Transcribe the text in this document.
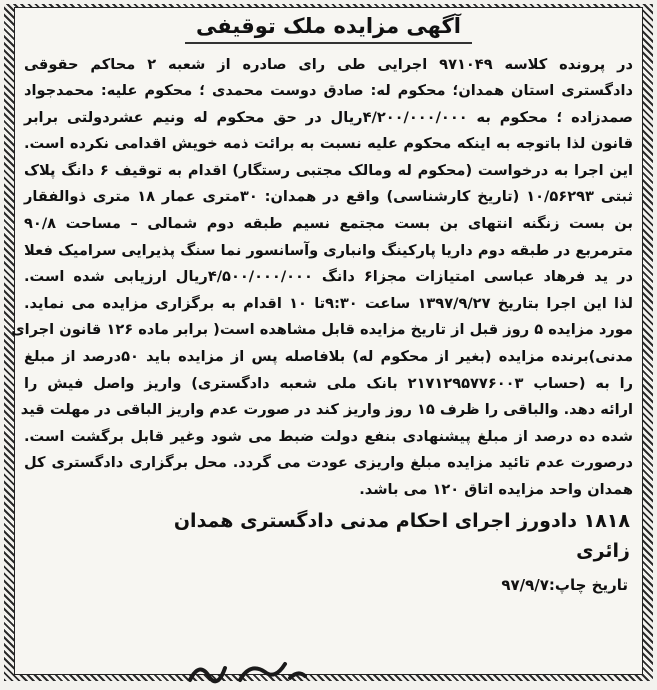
آگهی مزایده ملک توقیفی
در پرونده کلاسه ۹۷۱۰۴۹ اجرایی طی رای صادره از شعبه ۲ محاکم حقوقی
دادگستری استان همدان؛ محکوم له: صادق دوست محمدی ؛ محکوم علیه: محمدجواد
صمدزاده ؛ محکوم به ۴/۲۰۰/۰۰۰/۰۰۰ریال در حق محکوم له ونیم عشردولتی برابر
قانون لذا باتوجه به اینکه محکوم علیه نسبت به برائت ذمه خویش اقدامی نکرده است.
این اجرا به درخواست (محکوم له ومالک مجتبی رستگار) اقدام به توقیف ۶ دانگ پلاک
ثبتی ۱۰/۵۶۲۹۳ (تاریخ کارشناسی) واقع در همدان: ۳۰متری عمار ۱۸ متری ذوالفقار
بن بست زنگنه انتهای بن بست مجتمع نسیم طبقه دوم شمالی – مساحت ۹۰/۸
مترمربع در طبقه دوم داریا پارکینگ وانباری وآسانسور نما سنگ پذیرایی سرامیک فعلا
در ید فرهاد عباسی امتیازات مجزا۶ دانگ ۴/۵۰۰/۰۰۰/۰۰۰ریال ارزیابی شده است.
لذا این اجرا بتاریخ ۱۳۹۷/۹/۲۷ ساعت ۹:۳۰تا ۱۰ اقدام به برگزاری مزایده می نماید.
مورد مزایده ۵ روز قبل از تاریخ مزایده قابل مشاهده است( برابر ماده ۱۲۶ قانون اجرای
مدنی)برنده مزایده (بغیر از محکوم له) بلافاصله پس از مزایده باید ۵۰درصد از مبلغ
را به (حساب ۲۱۷۱۲۹۵۷۷۶۰۰۳ بانک ملی شعبه دادگستری) واریز واصل فیش را
ارائه دهد. والباقی را ظرف ۱۵ روز واریز کند در صورت عدم واریز الباقی در مهلت قید
شده ده درصد از مبلغ پیشنهادی بنفع دولت ضبط می شود وغیر قابل برگشت است.
درصورت عدم تائید مزایده مبلغ واریزی عودت می گردد. محل برگزاری دادگستری کل
همدان واحد مزایده اتاق ۱۲۰ می باشد.
۱۸۱۸ دادورز اجرای احکام مدنی دادگستری همدان
زائری
تاریخ چاپ:۹۷/۹/۷
